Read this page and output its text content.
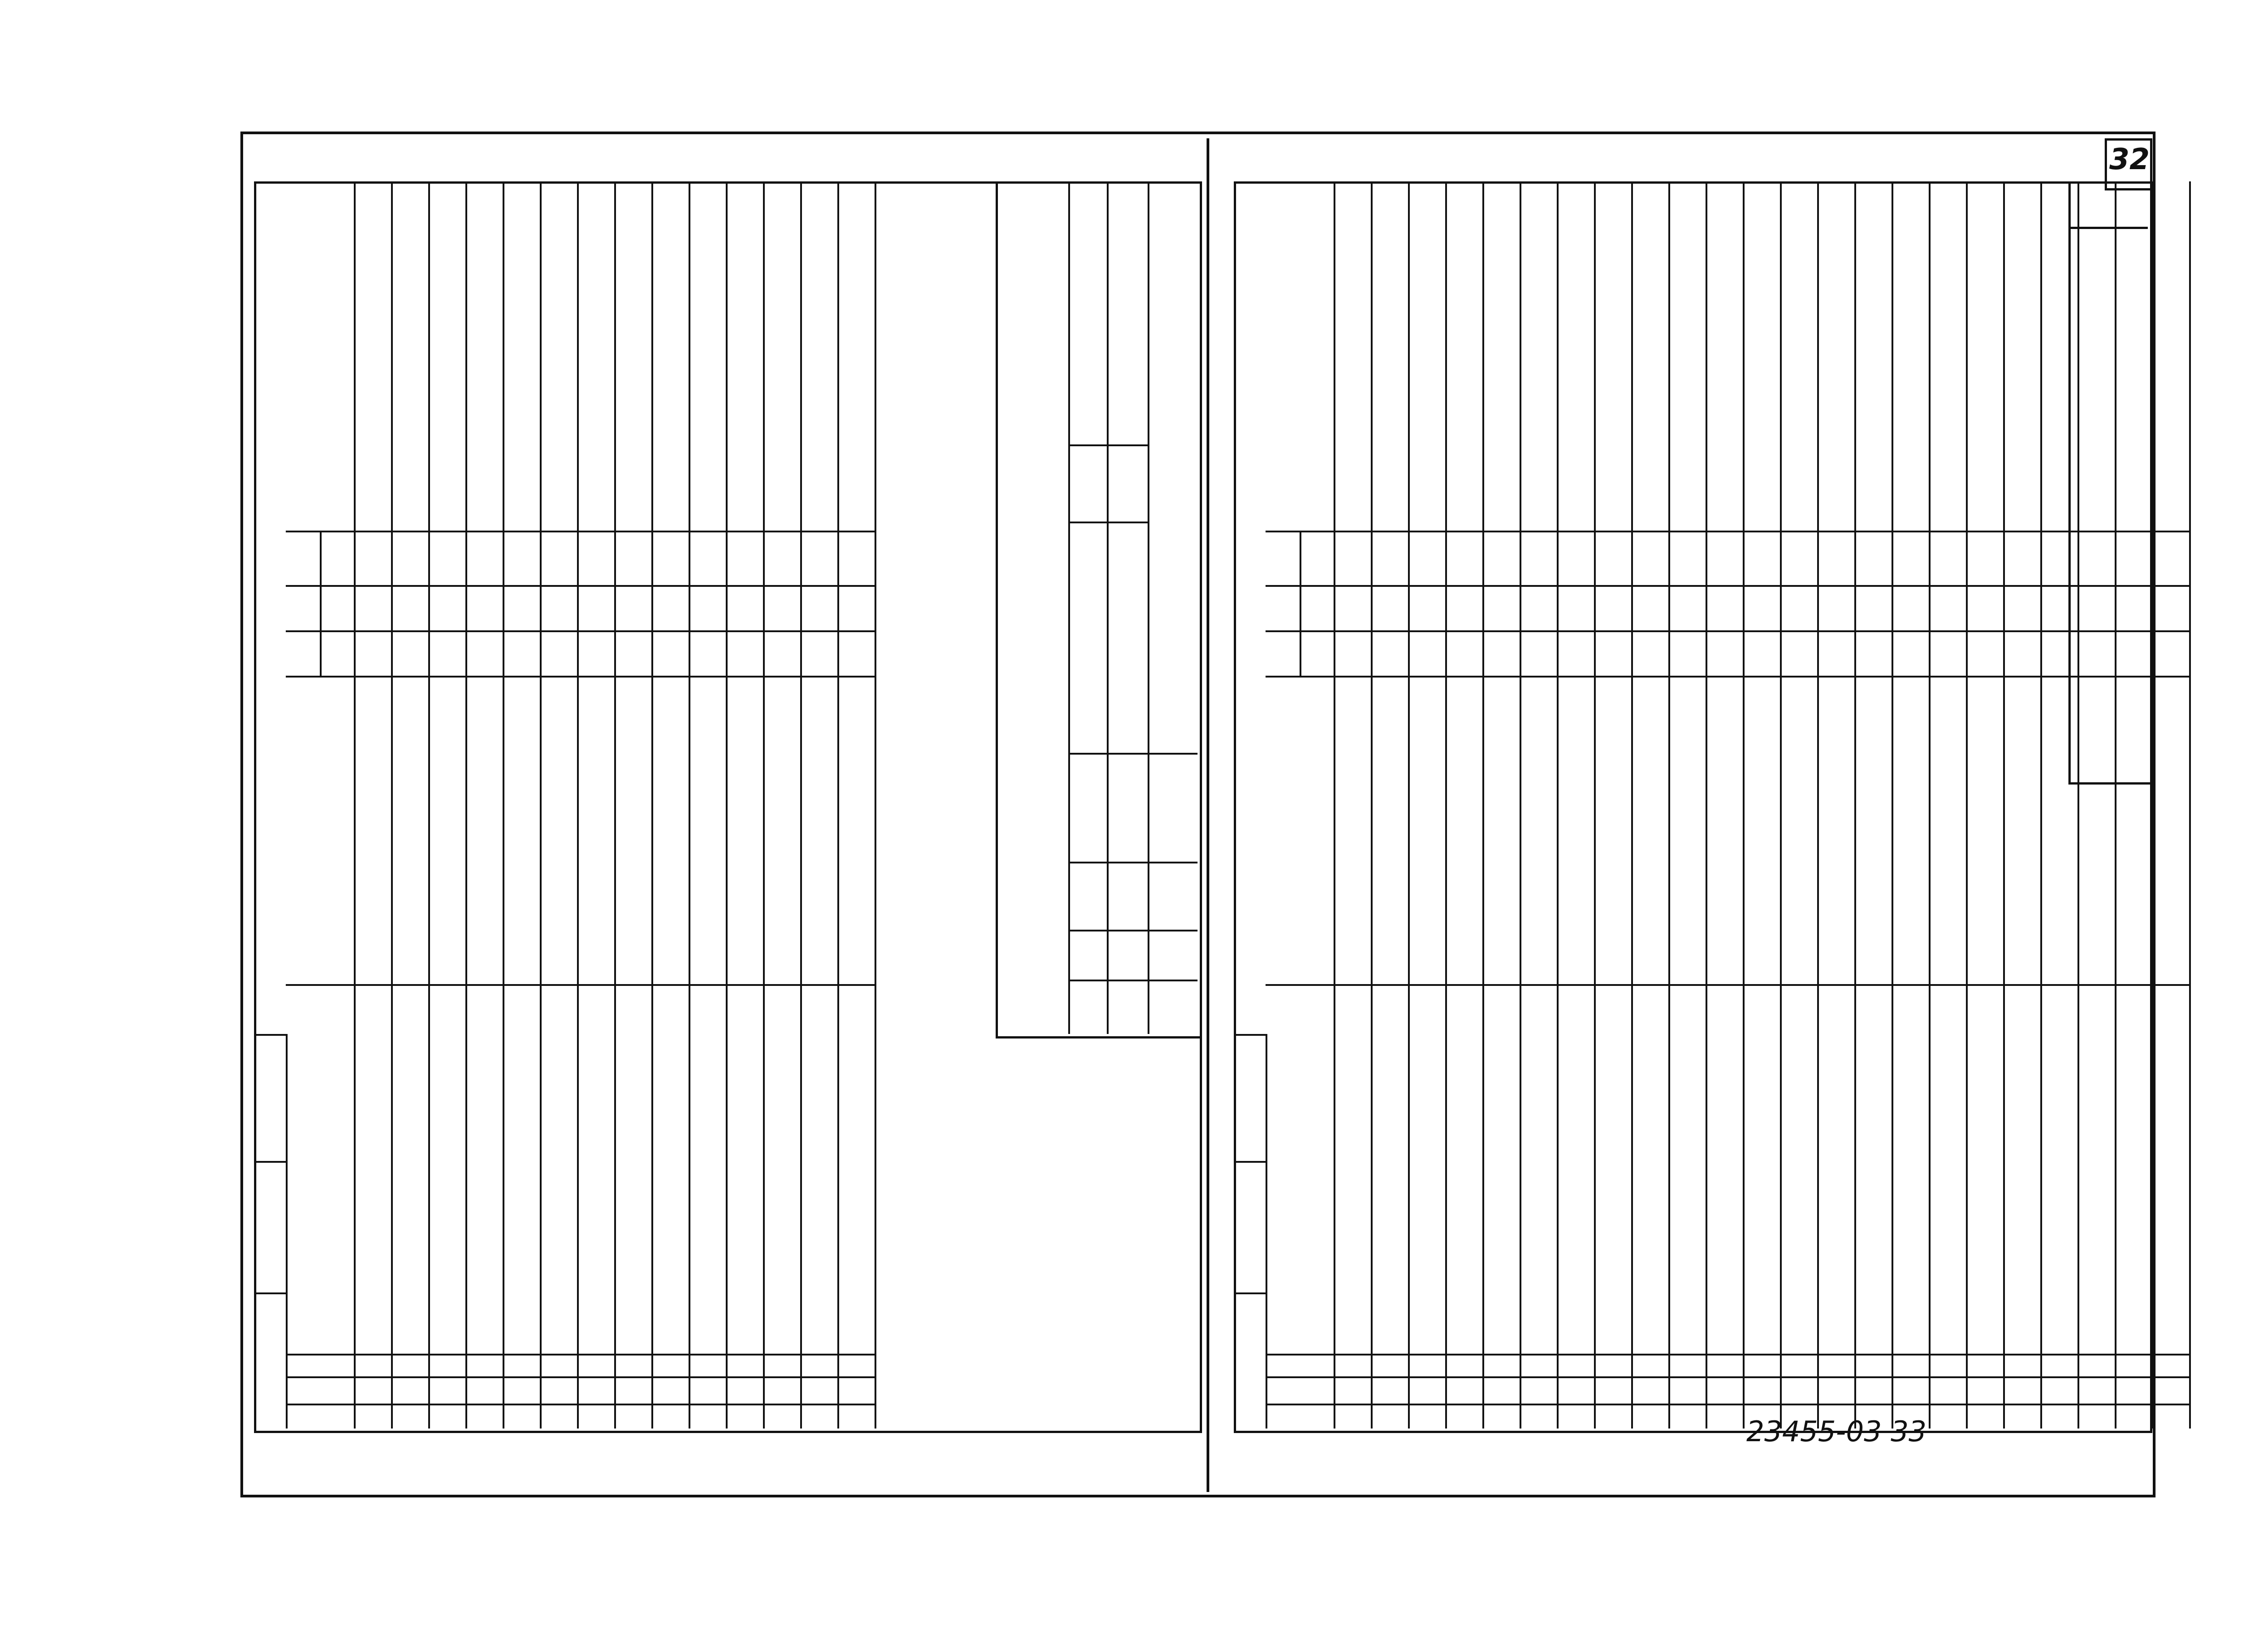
32
23455-03 33
